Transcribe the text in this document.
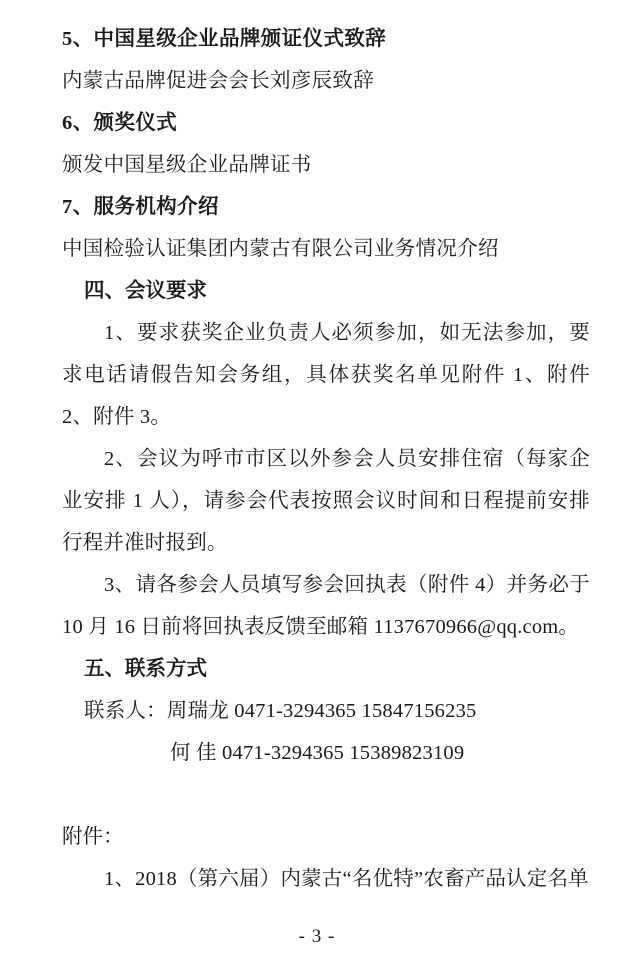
5、中国星级企业品牌颁证仪式致辞
内蒙古品牌促进会会长刘彦辰致辞
6、颁奖仪式
颁发中国星级企业品牌证书
7、服务机构介绍
中国检验认证集团内蒙古有限公司业务情况介绍
四、会议要求
1、要求获奖企业负责人必须参加，如无法参加，要求电话请假告知会务组，具体获奖名单见附件 1、附件 2、附件 3。
2、会议为呼市市区以外参会人员安排住宿（每家企业安排 1 人），请参会代表按照会议时间和日程提前安排行程并准时报到。
3、请各参会人员填写参会回执表（附件 4）并务必于 10 月 16 日前将回执表反馈至邮箱 1137670966@qq.com。
五、联系方式
联系人：周瑞龙 0471-3294365 15847156235
何 佳 0471-3294365 15389823109
附件：
1、2018（第六届）内蒙古“名优特”农畜产品认定名单
- 3 -
